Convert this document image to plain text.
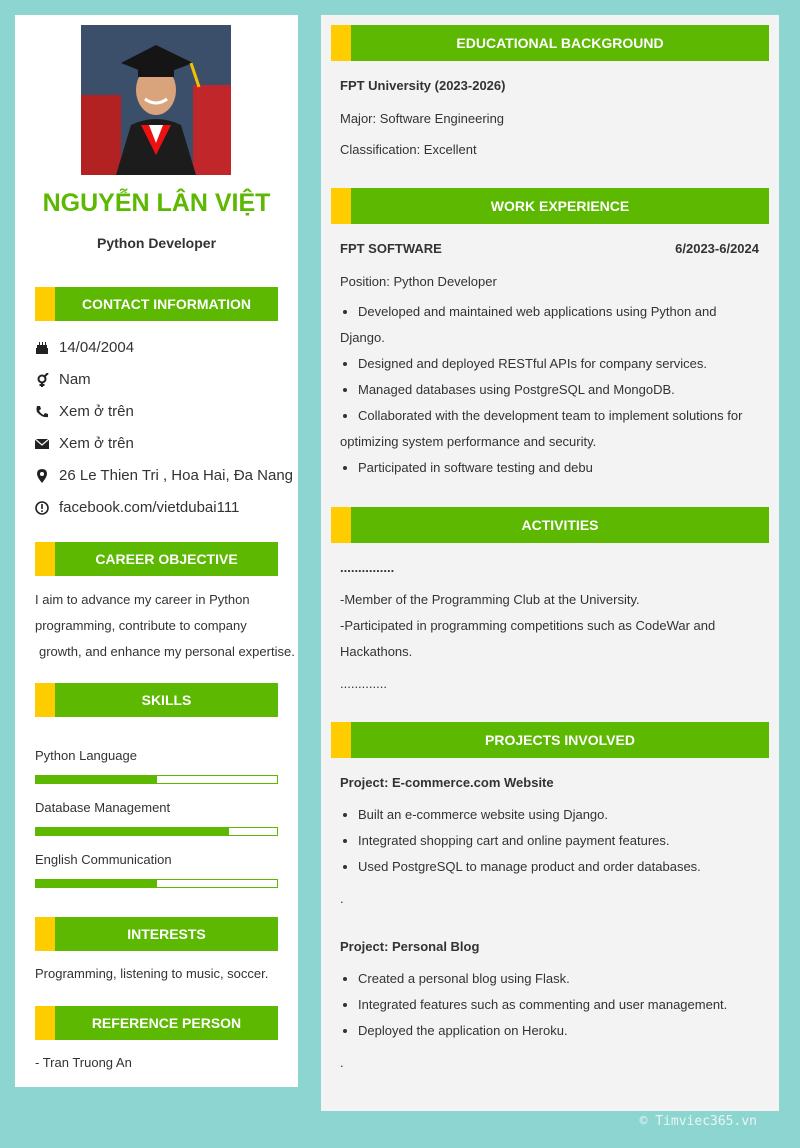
NGUYỄN LÂN VIỆT
Python Developer
CONTACT INFORMATION
14/04/2004
Nam
Xem ở trên
Xem ở trên
26 Le Thien Tri , Hoa Hai, Đa Nang
facebook.com/vietdubai111
CAREER OBJECTIVE
I aim to advance my career in Python
programming, contribute to company
growth, and enhance my personal expertise.
SKILLS
Python Language
Database Management
English Communication
INTERESTS
Programming, listening to music, soccer.
REFERENCE PERSON
- Tran Truong An
EDUCATIONAL BACKGROUND
FPT University (2023-2026)
Major: Software Engineering
Classification: Excellent
WORK EXPERIENCE
FPT SOFTWARE	6/2023-6/2024
Position: Python Developer
Developed and maintained web applications using Python and
Django.
Designed and deployed RESTful APIs for company services.
Managed databases using PostgreSQL and MongoDB.
Collaborated with the development team to implement solutions for
optimizing system performance and security.
Participated in software testing and debu
ACTIVITIES
...............
-Member of the Programming Club at the University.
-Participated in programming competitions such as CodeWar and
Hackathons.
.............
PROJECTS INVOLVED
Project: E-commerce.com Website
Built an e-commerce website using Django.
Integrated shopping cart and online payment features.
Used PostgreSQL to manage product and order databases.
.
Project: Personal Blog
Created a personal blog using Flask.
Integrated features such as commenting and user management.
Deployed the application on Heroku.
.
© Timviec365.vn
